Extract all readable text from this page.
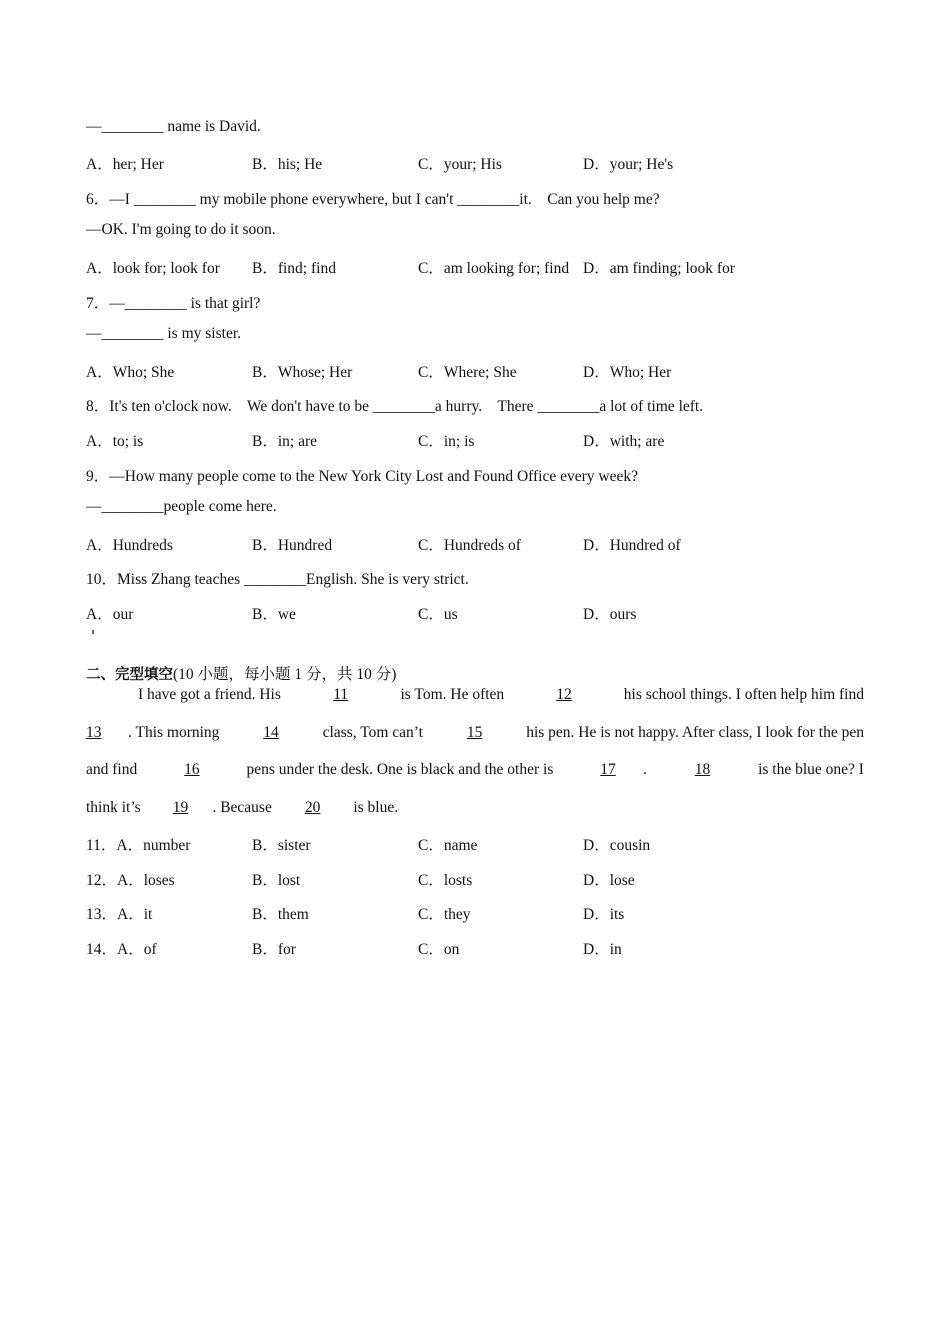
—________ name is David.
A．her; Her	B．his; He	C．your; His	D．your; He's
6．—I ________ my mobile phone everywhere, but I can't ________it.    Can you help me?
—OK. I'm going to do it soon.
A．look for; look for B．find; find	C．am looking for; find D．am finding; look for
7．—________ is that girl?
—________ is my sister.
A．Who; She	B．Whose; Her	C．Where; She	D．Who; Her
8．It's ten o'clock now.    We don't have to be ________a hurry.    There ________a lot of time left.
A．to; is	B．in; are	C．in; is	D．with; are
9．—How many people come to the New York City Lost and Found Office every week?
—________people come here.
A．Hundreds	B．Hundred	C．Hundreds of	D．Hundred of
10．Miss Zhang teaches ________English. She is very strict.
A．our	B．we	C．us	D．ours
二、完型填空(10 小题，每小题 1 分，共 10 分)
I have got a friend. His	11	is Tom. He often	12	his school things. I often help him find
13 . This morning	14	class, Tom can’t	15	his pen. He is not happy. After class, I look for the pen
and find	16	pens under the desk. One is black and the other is	17 .	18	is the blue one? I
think it’s 19 . Because 20 is blue.
11．A．number	B．sister	C．name	D．cousin
12．A．loses	B．lost	C．losts	D．lose
13．A．it	B．them	C．they	D．its
14．A．of	B．for	C．on	D．in
